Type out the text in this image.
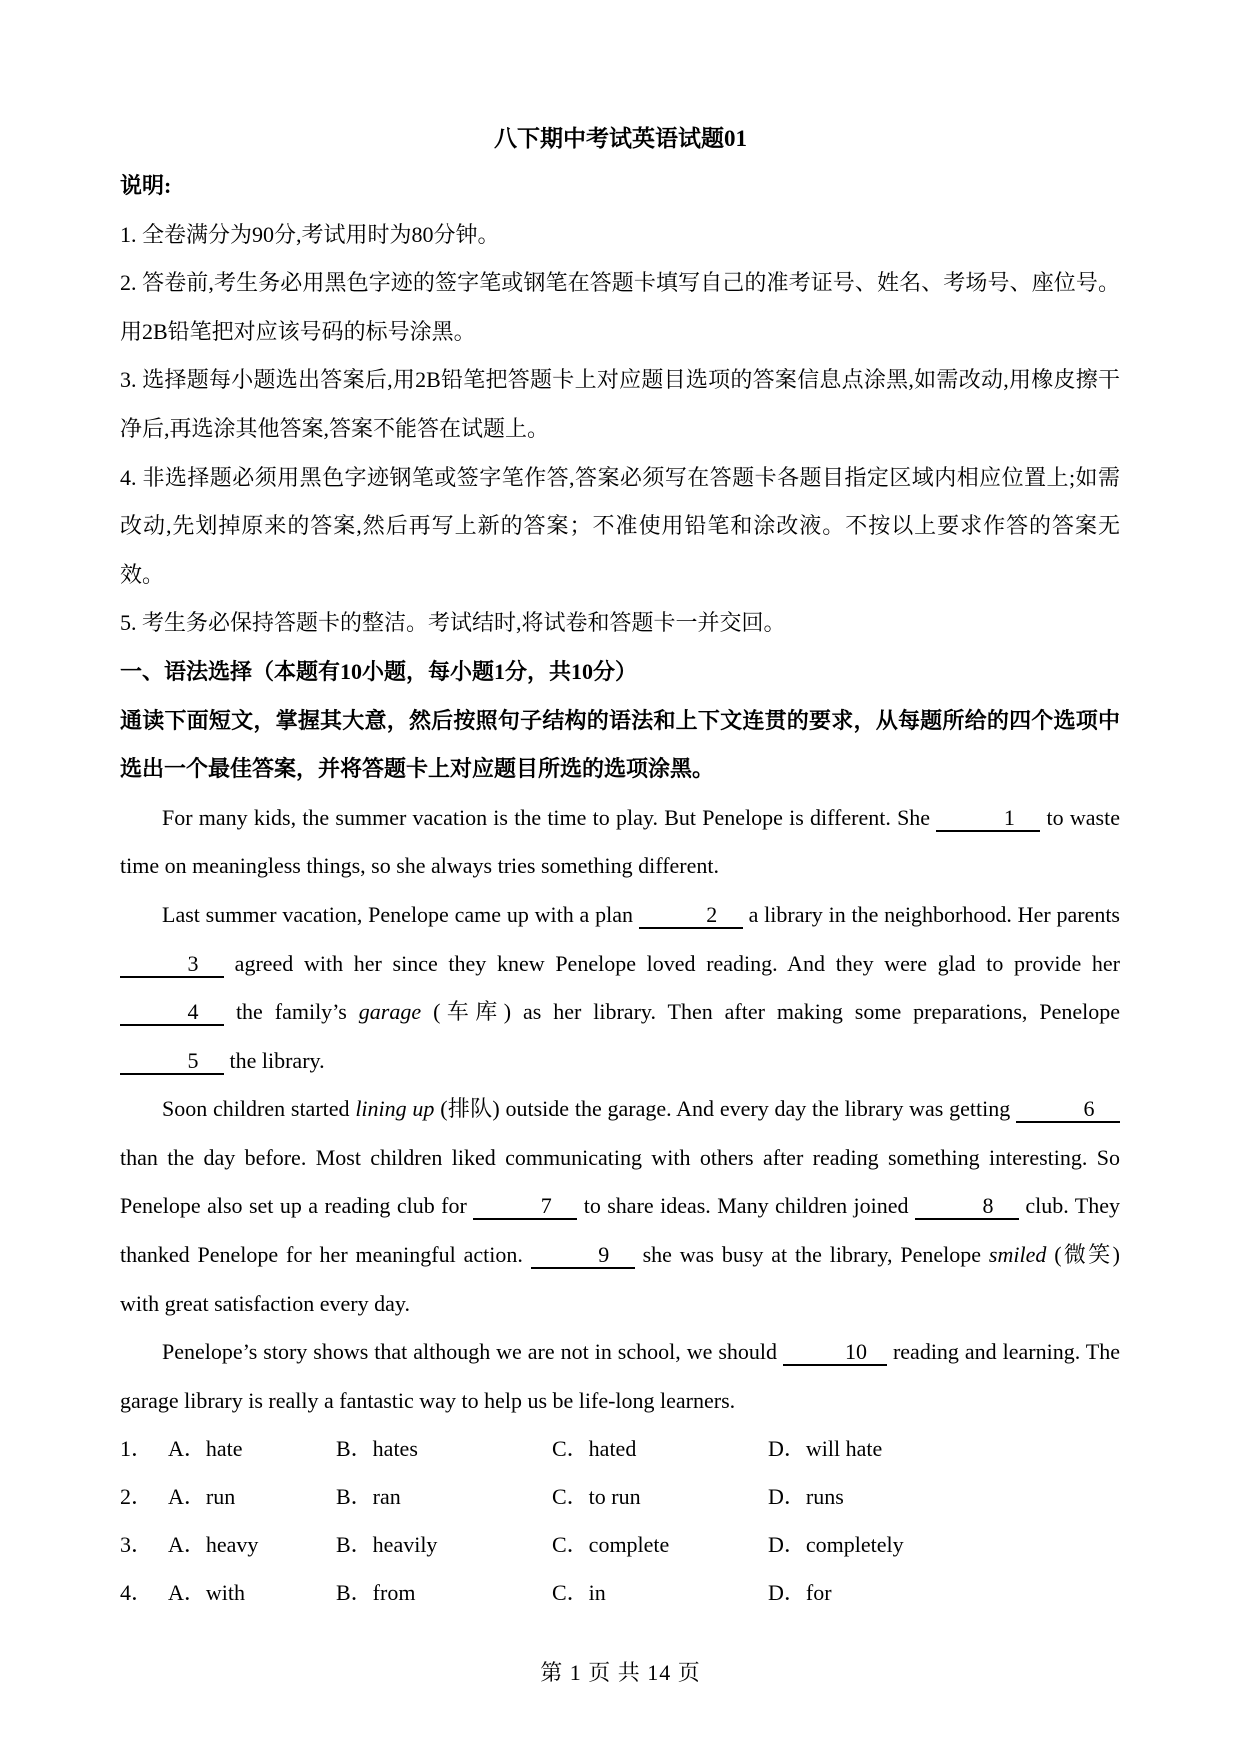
八下期中考试英语试题01
说明:
1. 全卷满分为90分,考试用时为80分钟。
2. 答卷前,考生务必用黑色字迹的签字笔或钢笔在答题卡填写自己的准考证号、姓名、考场号、座位号。用2B铅笔把对应该号码的标号涂黑。
3. 选择题每小题选出答案后,用2B铅笔把答题卡上对应题目选项的答案信息点涂黑,如需改动,用橡皮擦干净后,再选涂其他答案,答案不能答在试题上。
4. 非选择题必须用黑色字迹钢笔或签字笔作答,答案必须写在答题卡各题目指定区域内相应位置上;如需改动,先划掉原来的答案,然后再写上新的答案；不准使用铅笔和涂改液。不按以上要求作答的答案无效。
5. 考生务必保持答题卡的整洁。考试结时,将试卷和答题卡一并交回。
一、语法选择（本题有10小题，每小题1分，共10分）
通读下面短文，掌握其大意，然后按照句子结构的语法和上下文连贯的要求，从每题所给的四个选项中选出一个最佳答案，并将答题卡上对应题目所选的选项涂黑。
For many kids, the summer vacation is the time to play. But Penelope is different. She	1 to waste time on meaningless things, so she always tries something different.
Last summer vacation, Penelope came up with a plan	2 a library in the neighborhood. Her parents 3 agreed with her since they knew Penelope loved reading. And they were glad to provide her 4 the family’s garage (车库) as her library. Then after making some preparations, Penelope 5 the library.
Soon children started lining up (排队) outside the garage. And every day the library was getting	6 than the day before. Most children liked communicating with others after reading something interesting. So Penelope also set up a reading club for	7 to share ideas. Many children joined	8 club. They thanked Penelope for her meaningful action.	9 she was busy at the library, Penelope smiled (微笑) with great satisfaction every day.
Penelope’s story shows that although we are not in school, we should	10 reading and learning. The garage library is really a fantastic way to help us be life-long learners.
1． A．hate	B．hates	C．hated	D．will hate
2． A．run	B．ran	C．to run	D．runs
3． A．heavy	B．heavily	C．complete	D．completely
4． A．with	B．from	C．in	D．for
第 1 页 共 14 页
